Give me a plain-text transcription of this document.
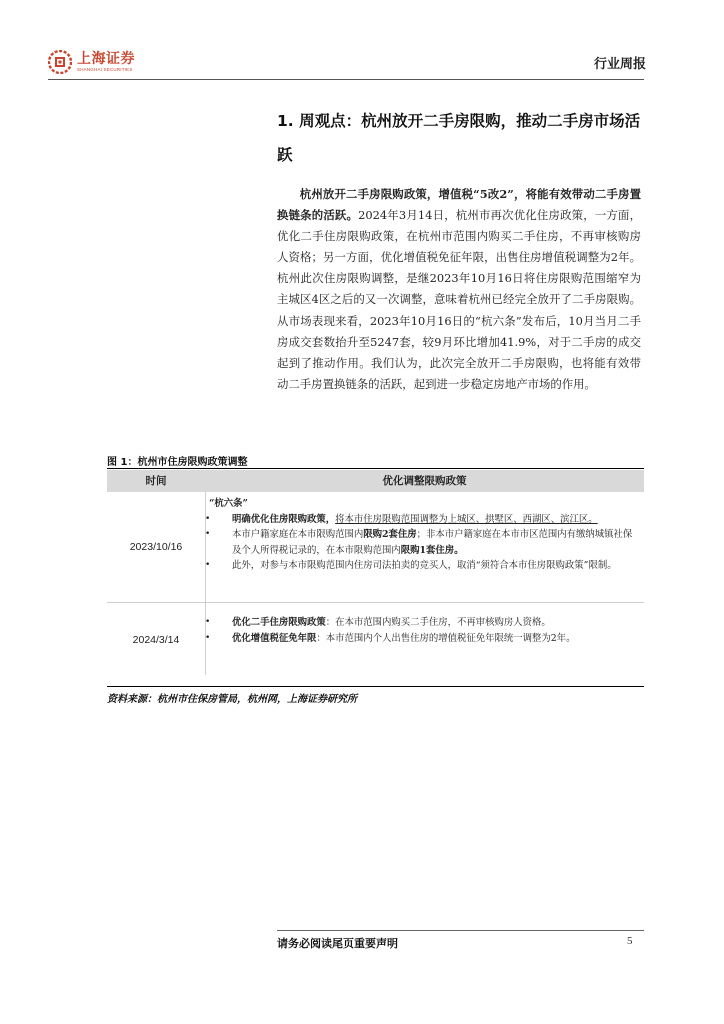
上海证券
SHANGHAI SECURITIES	行业周报
1. 周观点：杭州放开二手房限购，推动二手房市场活跃
杭州放开二手房限购政策，增值税“5改2”，将能有效带动二手房置换链条的活跃。2024年3月14日，杭州市再次优化住房政策，一方面，优化二手住房限购政策，在杭州市范围内购买二手住房，不再审核购房人资格；另一方面，优化增值税免征年限，出售住房增值税调整为2年。杭州此次住房限购调整，是继2023年10月16日将住房限购范围缩窄为主城区4区之后的又一次调整，意味着杭州已经完全放开了二手房限购。从市场表现来看，2023年10月16日的“杭六条”发布后，10月当月二手房成交套数抬升至5247套，较9月环比增加41.9%，对于二手房的成交起到了推动作用。我们认为，此次完全放开二手房限购，也将能有效带动二手房置换链条的活跃，起到进一步稳定房地产市场的作用。
图 1：杭州市住房限购政策调整
时间	优化调整限购政策
2023/10/16
“杭六条”
•	明确优化住房限购政策，将本市住房限购范围调整为上城区、拱墅区、西湖区、滨江区。
•	本市户籍家庭在本市限购范围内限购2套住房；非本市户籍家庭在本市市区范围内有缴纳城镇社保及个人所得税记录的，在本市限购范围内限购1套住房。
•	此外，对参与本市限购范围内住房司法拍卖的竞买人，取消“须符合本市住房限购政策”限制。
2024/3/14
•	优化二手住房限购政策：在本市范围内购买二手住房，不再审核购房人资格。
•	优化增值税征免年限：本市范围内个人出售住房的增值税征免年限统一调整为2年。
资料来源：杭州市住保房管局，杭州网，上海证券研究所
请务必阅读尾页重要声明	5
